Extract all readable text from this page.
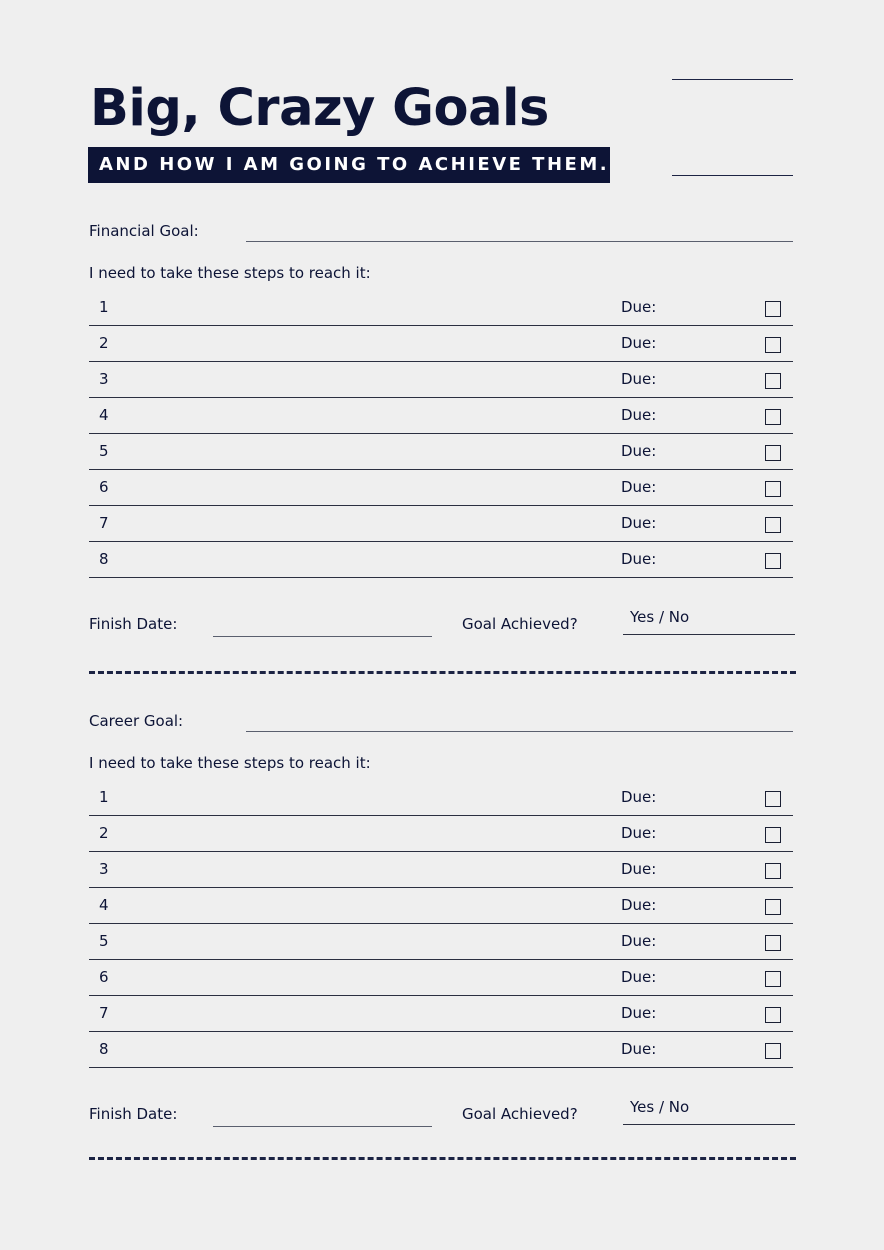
Big, Crazy Goals
AND HOW I AM GOING TO ACHIEVE THEM.
Financial Goal:
I need to take these steps to reach it:
1	Due:
2	Due:
3	Due:
4	Due:
5	Due:
6	Due:
7	Due:
8	Due:
Finish Date:	Goal Achieved?	Yes / No
Career Goal:
I need to take these steps to reach it:
1	Due:
2	Due:
3	Due:
4	Due:
5	Due:
6	Due:
7	Due:
8	Due:
Finish Date:	Goal Achieved?	Yes / No
